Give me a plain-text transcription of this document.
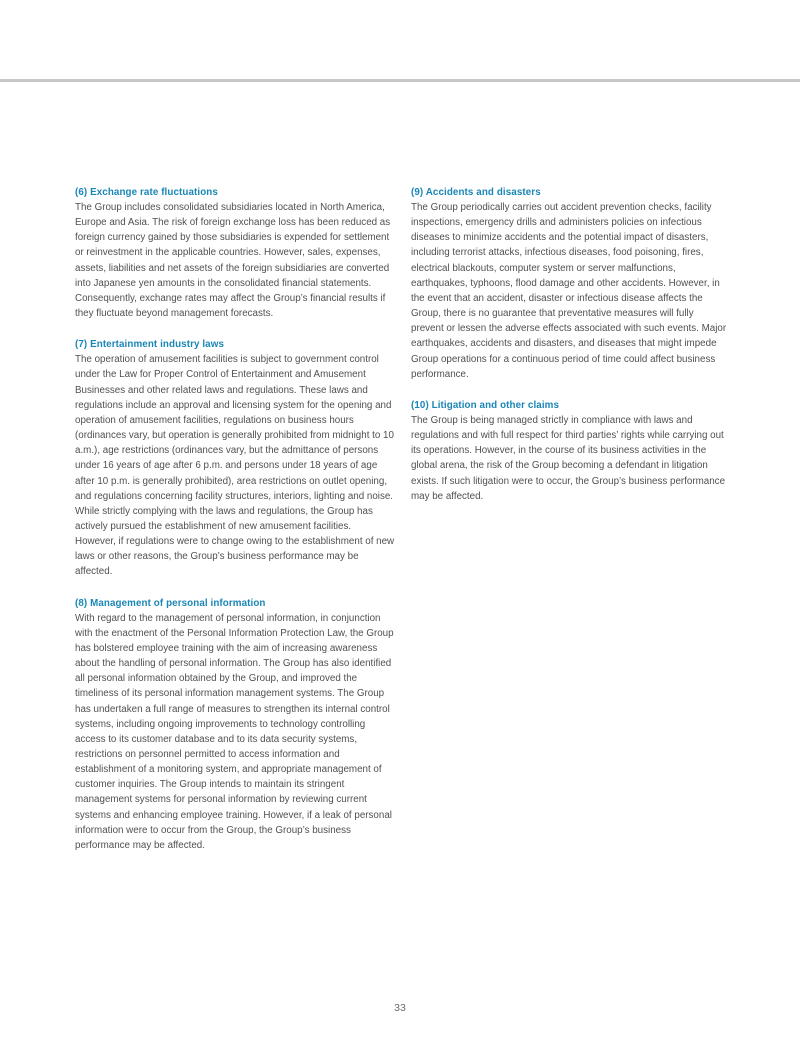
(6) Exchange rate fluctuations

The Group includes consolidated subsidiaries located in North America, Europe and Asia. The risk of foreign exchange loss has been reduced as foreign currency gained by those subsidiaries is expended for settlement or reinvestment in the applicable countries. However, sales, expenses, assets, liabilities and net assets of the foreign subsidiaries are converted into Japanese yen amounts in the consolidated financial statements. Consequently, exchange rates may affect the Group’s financial results if they fluctuate beyond management forecasts.

(7) Entertainment industry laws

The operation of amusement facilities is subject to government control under the Law for Proper Control of Entertainment and Amusement Businesses and other related laws and regulations. These laws and regulations include an approval and licensing system for the opening and operation of amusement facilities, regulations on business hours (ordinances vary, but operation is generally prohibited from midnight to 10 a.m.), age restrictions (ordinances vary, but the admittance of persons under 16 years of age after 6 p.m. and persons under 18 years of age after 10 p.m. is generally prohibited), area restrictions on outlet opening, and regulations concerning facility structures, interiors, lighting and noise. While strictly complying with the laws and regulations, the Group has actively pursued the establishment of new amusement facilities.

However, if regulations were to change owing to the establishment of new laws or other reasons, the Group’s business performance may be affected.

(8) Management of personal information

With regard to the management of personal information, in conjunction with the enactment of the Personal Information Protection Law, the Group has bolstered employee training with the aim of increasing awareness about the handling of personal information. The Group has also identified all personal information obtained by the Group, and improved the timeliness of its personal information management systems. The Group has undertaken a full range of measures to strengthen its internal control systems, including ongoing improvements to technology controlling access to its customer database and to its data security systems, restrictions on personnel permitted to access information and establishment of a monitoring system, and appropriate management of customer inquiries. The Group intends to maintain its stringent management systems for personal information by reviewing current systems and enhancing employee training. However, if a leak of personal information were to occur from the Group, the Group’s business performance may be affected.

(9) Accidents and disasters

The Group periodically carries out accident prevention checks, facility inspections, emergency drills and administers policies on infectious diseases to minimize accidents and the potential impact of disasters, including terrorist attacks, infectious diseases, food poisoning, fires, electrical blackouts, computer system or server malfunctions, earthquakes, typhoons, flood damage and other accidents. However, in the event that an accident, disaster or infectious disease affects the Group, there is no guarantee that preventative measures will fully prevent or lessen the adverse effects associated with such events. Major earthquakes, accidents and disasters, and diseases that might impede Group operations for a continuous period of time could affect business performance.

(10) Litigation and other claims

The Group is being managed strictly in compliance with laws and regulations and with full respect for third parties’ rights while carrying out its operations. However, in the course of its business activities in the global arena, the risk of the Group becoming a defendant in litigation exists. If such litigation were to occur, the Group’s business performance may be affected.

33
